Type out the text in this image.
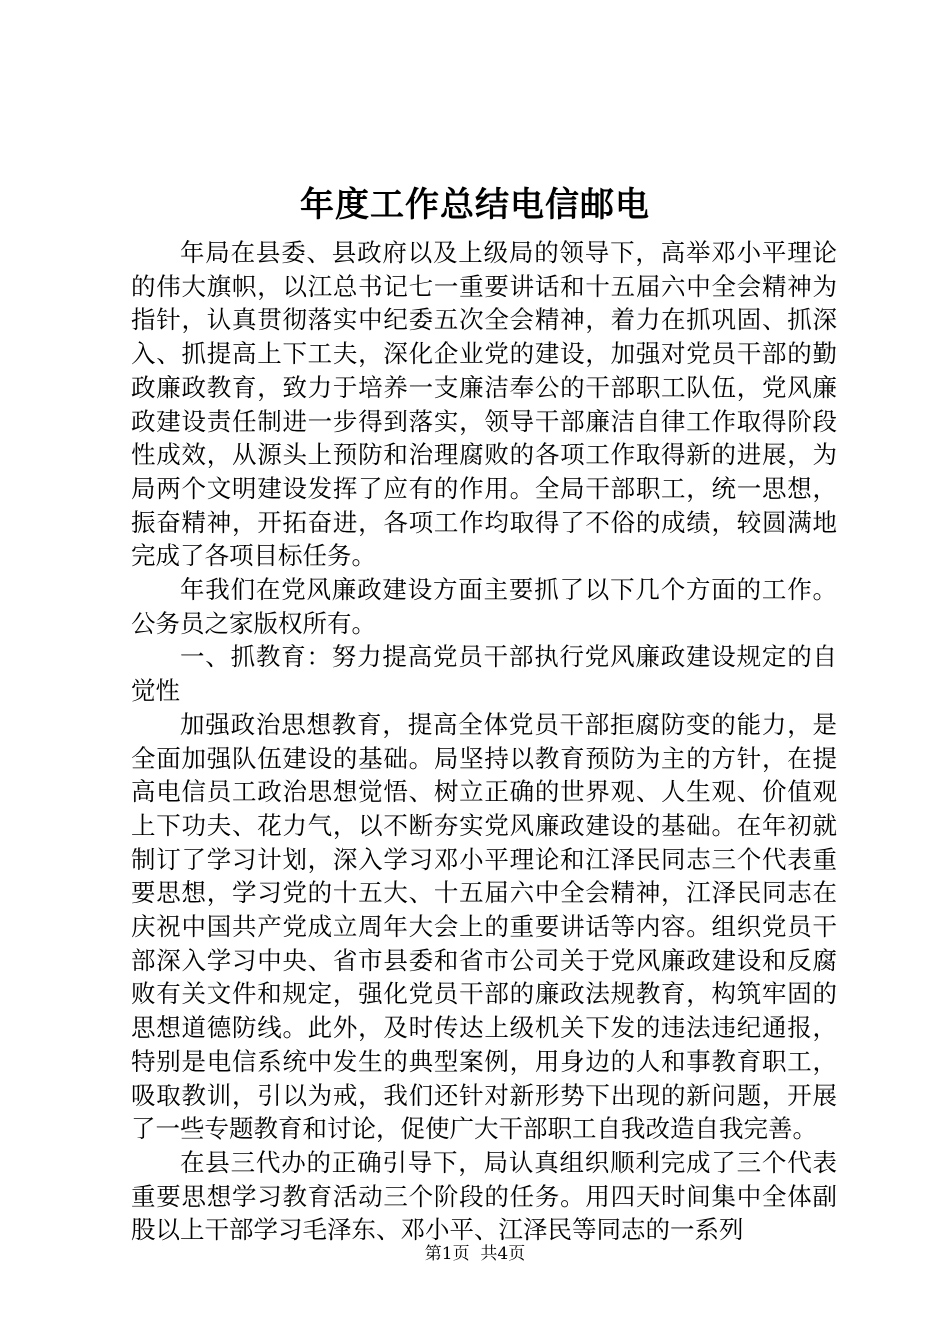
年度工作总结电信邮电

年局在县委、县政府以及上级局的领导下，高举邓小平理论的伟大旗帜，以江总书记七一重要讲话和十五届六中全会精神为指针，认真贯彻落实中纪委五次全会精神，着力在抓巩固、抓深入、抓提高上下工夫，深化企业党的建设，加强对党员干部的勤政廉政教育，致力于培养一支廉洁奉公的干部职工队伍，党风廉政建设责任制进一步得到落实，领导干部廉洁自律工作取得阶段性成效，从源头上预防和治理腐败的各项工作取得新的进展，为局两个文明建设发挥了应有的作用。全局干部职工，统一思想，振奋精神，开拓奋进，各项工作均取得了不俗的成绩，较圆满地完成了各项目标任务。

年我们在党风廉政建设方面主要抓了以下几个方面的工作。公务员之家版权所有。

一、抓教育：努力提高党员干部执行党风廉政建设规定的自觉性

加强政治思想教育，提高全体党员干部拒腐防变的能力，是全面加强队伍建设的基础。局坚持以教育预防为主的方针，在提高电信员工政治思想觉悟、树立正确的世界观、人生观、价值观上下功夫、花力气，以不断夯实党风廉政建设的基础。在年初就制订了学习计划，深入学习邓小平理论和江泽民同志三个代表重要思想，学习党的十五大、十五届六中全会精神，江泽民同志在庆祝中国共产党成立周年大会上的重要讲话等内容。组织党员干部深入学习中央、省市县委和省市公司关于党风廉政建设和反腐败有关文件和规定，强化党员干部的廉政法规教育，构筑牢固的思想道德防线。此外，及时传达上级机关下发的违法违纪通报，特别是电信系统中发生的典型案例，用身边的人和事教育职工，吸取教训，引以为戒，我们还针对新形势下出现的新问题，开展了一些专题教育和讨论，促使广大干部职工自我改造自我完善。

在县三代办的正确引导下，局认真组织顺利完成了三个代表重要思想学习教育活动三个阶段的任务。用四天时间集中全体副股以上干部学习毛泽东、邓小平、江泽民等同志的一系列

第1页 共4页
